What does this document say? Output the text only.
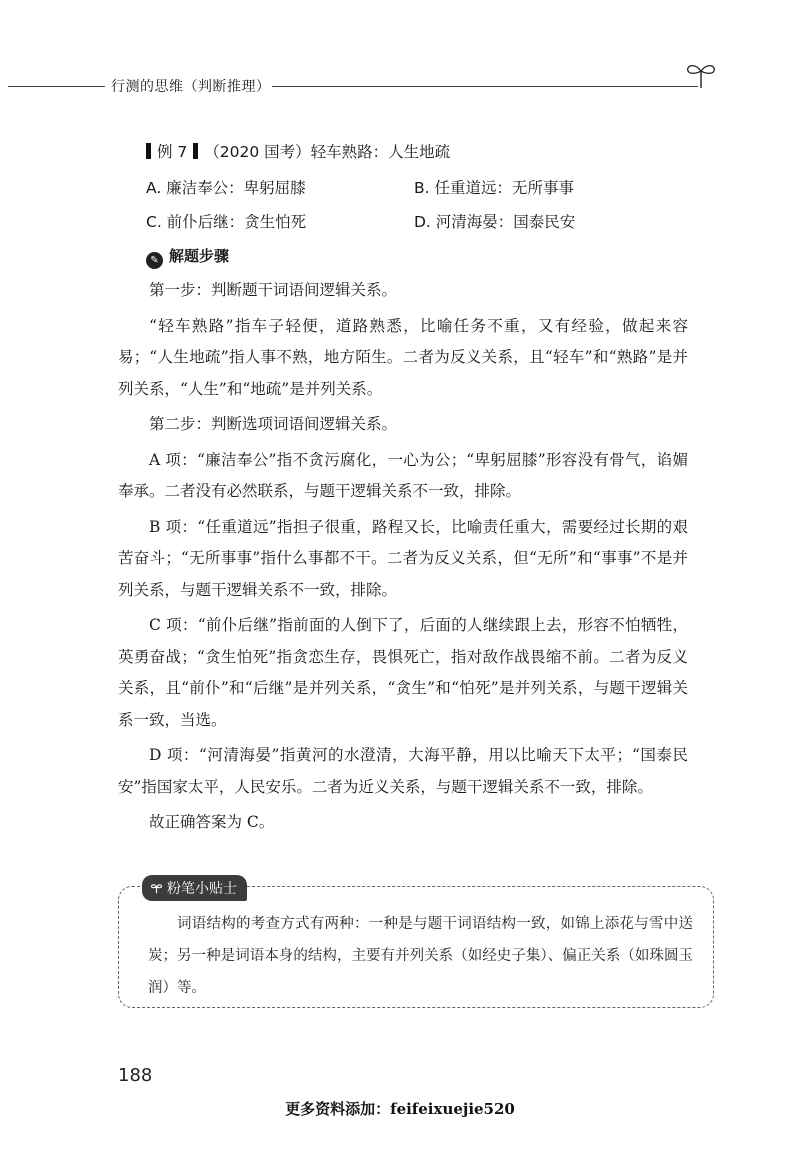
行测的思维（判断推理）
例 7 （2020 国考）轻车熟路：人生地疏
A. 廉洁奉公：卑躬屈膝	B. 任重道远：无所事事
C. 前仆后继：贪生怕死	D. 河清海晏：国泰民安
✎ 解题步骤

第一步：判断题干词语间逻辑关系。

“轻车熟路”指车子轻便，道路熟悉，比喻任务不重，又有经验，做起来容易；“人生地疏”指人事不熟，地方陌生。二者为反义关系，且“轻车”和“熟路”是并列关系，“人生”和“地疏”是并列关系。

第二步：判断选项词语间逻辑关系。

A 项：“廉洁奉公”指不贪污腐化，一心为公；“卑躬屈膝”形容没有骨气，谄媚奉承。二者没有必然联系，与题干逻辑关系不一致，排除。

B 项：“任重道远”指担子很重，路程又长，比喻责任重大，需要经过长期的艰苦奋斗；“无所事事”指什么事都不干。二者为反义关系，但“无所”和“事事”不是并列关系，与题干逻辑关系不一致，排除。

C 项：“前仆后继”指前面的人倒下了，后面的人继续跟上去，形容不怕牺牲，英勇奋战；“贪生怕死”指贪恋生存，畏惧死亡，指对敌作战畏缩不前。二者为反义关系，且“前仆”和“后继”是并列关系，“贪生”和“怕死”是并列关系，与题干逻辑关系一致，当选。

D 项：“河清海晏”指黄河的水澄清，大海平静，用以比喻天下太平；“国泰民安”指国家太平，人民安乐。二者为近义关系，与题干逻辑关系不一致，排除。

故正确答案为 C。

粉笔小贴士
词语结构的考查方式有两种：一种是与题干词语结构一致，如锦上添花与雪中送炭；另一种是词语本身的结构，主要有并列关系（如经史子集）、偏正关系（如珠圆玉润）等。
188
更多资料添加：feifeixuejie520
